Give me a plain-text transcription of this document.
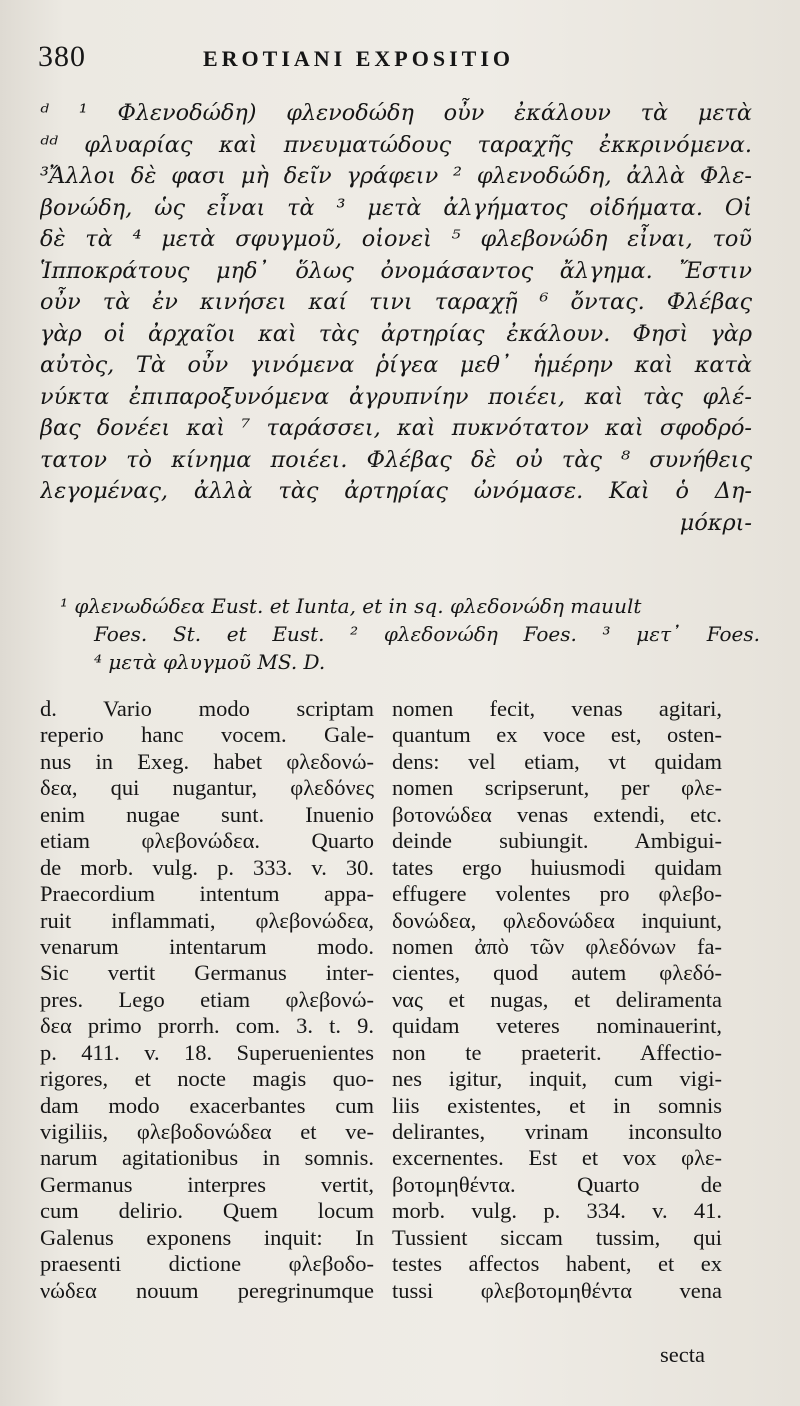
380	EROTIANI EXPOSITIO
ᵈ ¹ Φλενοδώδη) φλενοδώδη οὖν ἐκάλουν τὰ μετὰ
ᵈᵈ φλυαρίας καὶ πνευματώδους ταραχῆς ἐκκρινόμενα.
³Ἄλλοι δὲ φασι μὴ δεῖν γράφειν ² φλενοδώδη, ἀλλὰ Φλε-
βονώδη, ὡς εἶναι τὰ ³ μετὰ ἀλγήματος οἰδήματα. Οἱ
δὲ τὰ ⁴ μετὰ σφυγμοῦ, οἱονεὶ ⁵ φλεβονώδη εἶναι, τοῦ
Ἱπποκράτους μηδ᾽ ὅλως ὀνομάσαντος ἄλγημα. Ἔστιν
οὖν τὰ ἐν κινήσει καί τινι ταραχῇ ⁶ ὄντας. Φλέβας
γὰρ οἱ ἀρχαῖοι καὶ τὰς ἀρτηρίας ἐκάλουν. Φησὶ γὰρ
αὐτὸς, Τὰ οὖν γινόμενα ῥίγεα μεθ᾽ ἡμέρην καὶ κατὰ
νύκτα ἐπιπαροξυνόμενα ἀγρυπνίην ποιέει, καὶ τὰς φλέ-
βας δονέει καὶ ⁷ ταράσσει, καὶ πυκνότατον καὶ σφοδρό-
τατον τὸ κίνημα ποιέει. Φλέβας δὲ οὐ τὰς ⁸ συνήθεις
λεγομένας, ἀλλὰ τὰς ἀρτηρίας ὠνόμασε. Καὶ ὁ Δη-
μόκρι-
¹ φλενωδώδεα Eust. et Iunta, et in sq. φλεδονώδη mauult
Foes. St. et Eust. ² φλεδονώδη Foes. ³ μετ᾽ Foes.
⁴ μετὰ φλυγμοῦ MS. D.
d. Vario modo scriptam
reperio hanc vocem. Gale-
nus in Exeg. habet φλεδονώ-
δεα, qui nugantur, φλεδόνες
enim nugae sunt. Inuenio
etiam φλεβονώδεα. Quarto
de morb. vulg. p. 333. v. 30.
Praecordium intentum appa-
ruit inflammati, φλεβονώδεα,
venarum intentarum modo.
Sic vertit Germanus inter-
pres. Lego etiam φλεβονώ-
δεα primo prorrh. com. 3. t. 9.
p. 411. v. 18. Superuenientes
rigores, et nocte magis quo-
dam modo exacerbantes cum
vigiliis, φλεβοδονώδεα et ve-
narum agitationibus in somnis.
Germanus interpres vertit,
cum delirio. Quem locum
Galenus exponens inquit: In
praesenti dictione φλεβοδο-
νώδεα nouum peregrinumque
nomen fecit, venas agitari,
quantum ex voce est, osten-
dens: vel etiam, vt quidam
nomen scripserunt, per φλε-
βοτονώδεα venas extendi, etc.
deinde subiungit. Ambigui-
tates ergo huiusmodi quidam
effugere volentes pro φλεβο-
δονώδεα, φλεδονώδεα inquiunt,
nomen ἀπὸ τῶν φλεδόνων fa-
cientes, quod autem φλεδό-
νας et nugas, et deliramenta
quidam veteres nominauerint,
non te praeterit. Affectio-
nes igitur, inquit, cum vigi-
liis existentes, et in somnis
delirantes, vrinam inconsulto
excernentes. Est et vox φλε-
βοτομηθέντα. Quarto de
morb. vulg. p. 334. v. 41.
Tussient siccam tussim, qui
testes affectos habent, et ex
tussi φλεβοτομηθέντα vena
secta
